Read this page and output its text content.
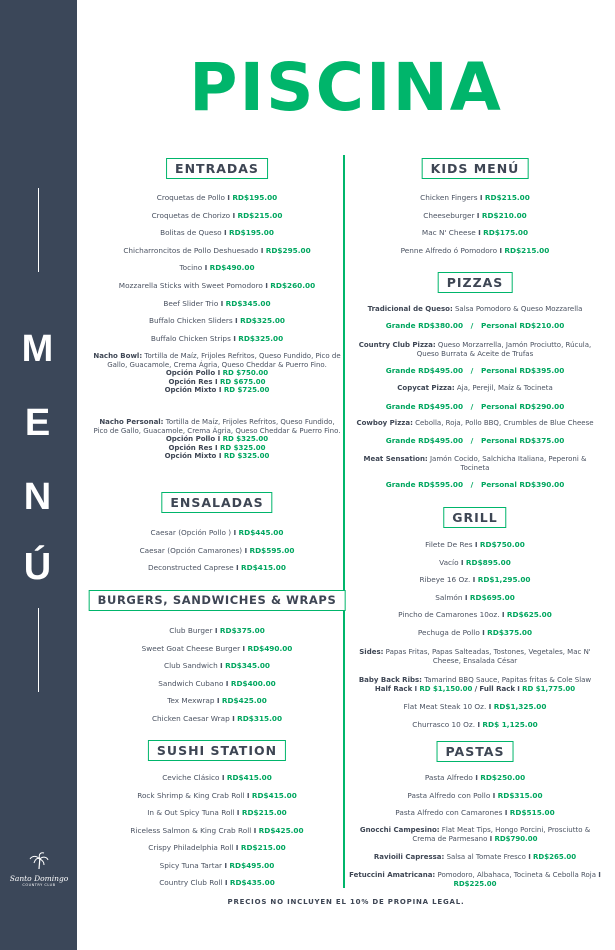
M
E
N
Ú
Santo Domingo
COUNTRY CLUB
PISCINA
ENTRADAS
Croquetas de Pollo I RD$195.00
Croquetas de Chorizo I RD$215.00
Bolitas de Queso I RD$195.00
Chicharroncitos de Pollo Deshuesado I RD$295.00
Tocino I RD$490.00
Mozzarella Sticks with Sweet Pomodoro I RD$260.00
Beef Slider Trio I RD$345.00
Buffalo Chicken Sliders I RD$325.00
Buffalo Chicken Strips I RD$325.00
Nacho Bowl: Tortilla de Maíz, Frijoles Refritos, Queso Fundido, Pico de Gallo, Guacamole, Crema Ágria, Queso Cheddar & Puerro Fino.
Opción Pollo I RD $750.00
Opción Res I RD $675.00
Opción Mixto I RD $725.00
Nacho Personal: Tortilla de Maíz, Frijoles Refritos, Queso Fundido, Pico de Gallo, Guacamole, Crema Ágria, Queso Cheddar & Puerro Fino.
Opción Pollo I RD $325.00
Opción Res I RD $325.00
Opción Mixto I RD $325.00
ENSALADAS
Caesar (Opción Pollo ) I RD$445.00
Caesar (Opción Camarones) I RD$595.00
Deconstructed Caprese I RD$415.00
BURGERS, SANDWICHES & WRAPS
Club Burger I RD$375.00
Sweet Goat Cheese Burger I RD$490.00
Club Sandwich I RD$345.00
Sandwich Cubano I RD$400.00
Tex Mexwrap I RD$425.00
Chicken Caesar Wrap I RD$315.00
SUSHI STATION
Ceviche Clásico I RD$415.00
Rock Shrimp & King Crab Roll I RD$415.00
In & Out Spicy Tuna Roll I RD$215.00
Riceless Salmon & King Crab Roll I RD$425.00
Crispy Philadelphia Roll I RD$215.00
Spicy Tuna Tartar I RD$495.00
Country Club Roll I RD$435.00
KIDS MENÚ
Chicken Fingers I RD$215.00
Cheeseburger I RD$210.00
Mac N' Cheese I RD$175.00
Penne Alfredo ó Pomodoro I RD$215.00
PIZZAS
Tradicional de Queso: Salsa Pomodoro & Queso Mozzarella
Country Club Pizza: Queso Morzarrella, Jamón Prociutto, Rúcula, Queso Burrata & Aceite de Trufas
Copycat Pizza: Aja, Perejil, Maíz & Tocineta
Cowboy Pizza: Cebolla, Roja, Pollo BBQ, Crumbles de Blue Cheese
Meat Sensation: Jamón Cocido, Salchicha Italiana, Peperoni & Tocineta
Grande RD$380.00 / Personal RD$210.00
Grande RD$495.00 / Personal RD$395.00
Grande RD$495.00 / Personal RD$290.00
Grande RD$495.00 / Personal RD$375.00
Grande RD$595.00 / Personal RD$390.00
GRILL
Filete De Res I RD$750.00
Vacío I RD$895.00
Ribeye 16 Oz. I RD$1,295.00
Salmón I RD$695.00
Pincho de Camarones 10oz. I RD$625.00
Pechuga de Pollo I RD$375.00
Sides: Papas Fritas, Papas Salteadas, Tostones, Vegetales, Mac N' Cheese, Ensalada César
Baby Back Ribs: Tamarind BBQ Sauce, Papitas fritas & Cole Slaw
Half Rack I RD $1,150.00 / Full Rack I RD $1,775.00
Flat Meat Steak 10 Oz. I RD$1,325.00
Churrasco 10 Oz. I RD$ 1,125.00
PASTAS
Pasta Alfredo I RD$250.00
Pasta Alfredo con Pollo I RD$315.00
Pasta Alfredo con Camarones I RD$515.00
Gnocchi Campesino: Flat Meat Tips, Hongo Porcini, Prosciutto & Crema de Parmesano I RD$790.00
Ravioili Capressa: Salsa al Tomate Fresco I RD$265.00
Fetuccini Amatricana: Pomodoro, Albahaca, Tocineta & Cebolla Roja I RD$225.00
PRECIOS NO INCLUYEN EL 10% DE PROPINA LEGAL.
